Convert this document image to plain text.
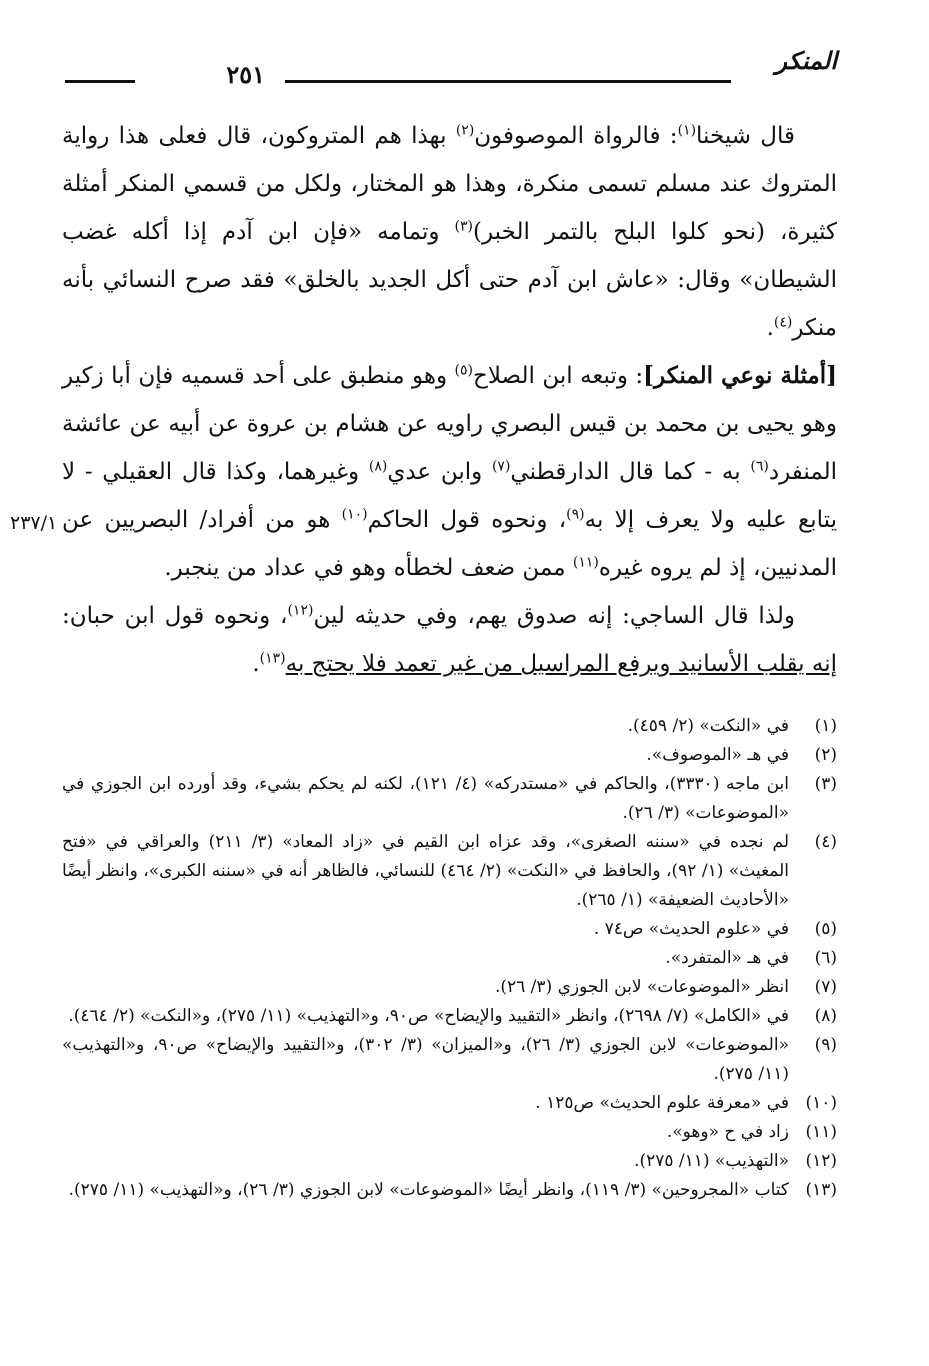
المنكر
٢٥١
٢٣٧/١

قال شيخنا$^{(١)}$: فالرواة الموصوفون$^{(٢)}$ بهذا هم المتروكون، قال فعلى هذا رواية المتروك عند مسلم تسمى منكرة، وهذا هو المختار، ولكل من قسمي المنكر أمثلة كثيرة، (نحو كلوا البلح بالتمر الخبر)$^{(٣)}$ وتمامه «فإن ابن آدم إذا أكله غضب الشيطان» وقال: «عاش ابن آدم حتى أكل الجديد بالخلق» فقد صرح النسائي بأنه منكر$^{(٤)}$.

[أمثلة نوعي المنكر]: وتبعه ابن الصلاح$^{(٥)}$ وهو منطبق على أحد قسميه فإن أبا زكير وهو يحيى بن محمد بن قيس البصري راويه عن هشام بن عروة عن أبيه عن عائشة المنفرد$^{(٦)}$ به - كما قال الدارقطني$^{(٧)}$ وابن عدي$^{(٨)}$ وغيرهما، وكذا قال العقيلي - لا يتابع عليه ولا يعرف إلا به$^{(٩)}$، ونحوه قول الحاكم$^{(١٠)}$ هو من أفراد/ البصريين عن المدنيين، إذ لم يروه غيره$^{(١١)}$ ممن ضعف لخطأه وهو في عداد من ينجبر.

ولذا قال الساجي: إنه صدوق يهم، وفي حديثه لين$^{(١٢)}$، ونحوه قول ابن حبان: إنه يقلب الأسانيد ويرفع المراسيل من غير تعمد فلا يحتج به$^{(١٣)}$.

(١)
في «النكت» (٢/ ٤٥٩).
(٢)
في هـ «الموصوف».
(٣)
ابن ماجه (٣٣٣٠)، والحاكم في «مستدركه» (٤/ ١٢١)، لكنه لم يحكم بشيء، وقد أورده ابن الجوزي في «الموضوعات» (٣/ ٢٦).
(٤)
لم نجده في «سننه الصغرى»، وقد عزاه ابن القيم في «زاد المعاد» (٣/ ٢١١) والعراقي في «فتح المغيث» (١/ ٩٢)، والحافظ في «النكت» (٢/ ٤٦٤) للنسائي، فالظاهر أنه في «سننه الكبرى»، وانظر أيضًا «الأحاديث الضعيفة» (١/ ٢٦٥).
(٥)
في «علوم الحديث» ص٧٤ .
(٦)
في هـ «المتفرد».
(٧)
انظر «الموضوعات» لابن الجوزي (٣/ ٢٦).
(٨)
في «الكامل» (٧/ ٢٦٩٨)، وانظر «التقييد والإيضاح» ص٩٠، و«التهذيب» (١١/ ٢٧٥)، و«النكت» (٢/ ٤٦٤).
(٩)
«الموضوعات» لابن الجوزي (٣/ ٢٦)، و«الميزان» (٣/ ٣٠٢)، و«التقييد والإيضاح» ص٩٠، و«التهذيب» (١١/ ٢٧٥).
(١٠)
في «معرفة علوم الحديث» ص١٢٥ .
(١١)
زاد في ح «وهو».
(١٢)
«التهذيب» (١١/ ٢٧٥).
(١٣)
كتاب «المجروحين» (٣/ ١١٩)، وانظر أيضًا «الموضوعات» لابن الجوزي (٣/ ٢٦)، و«التهذيب» (١١/ ٢٧٥).
